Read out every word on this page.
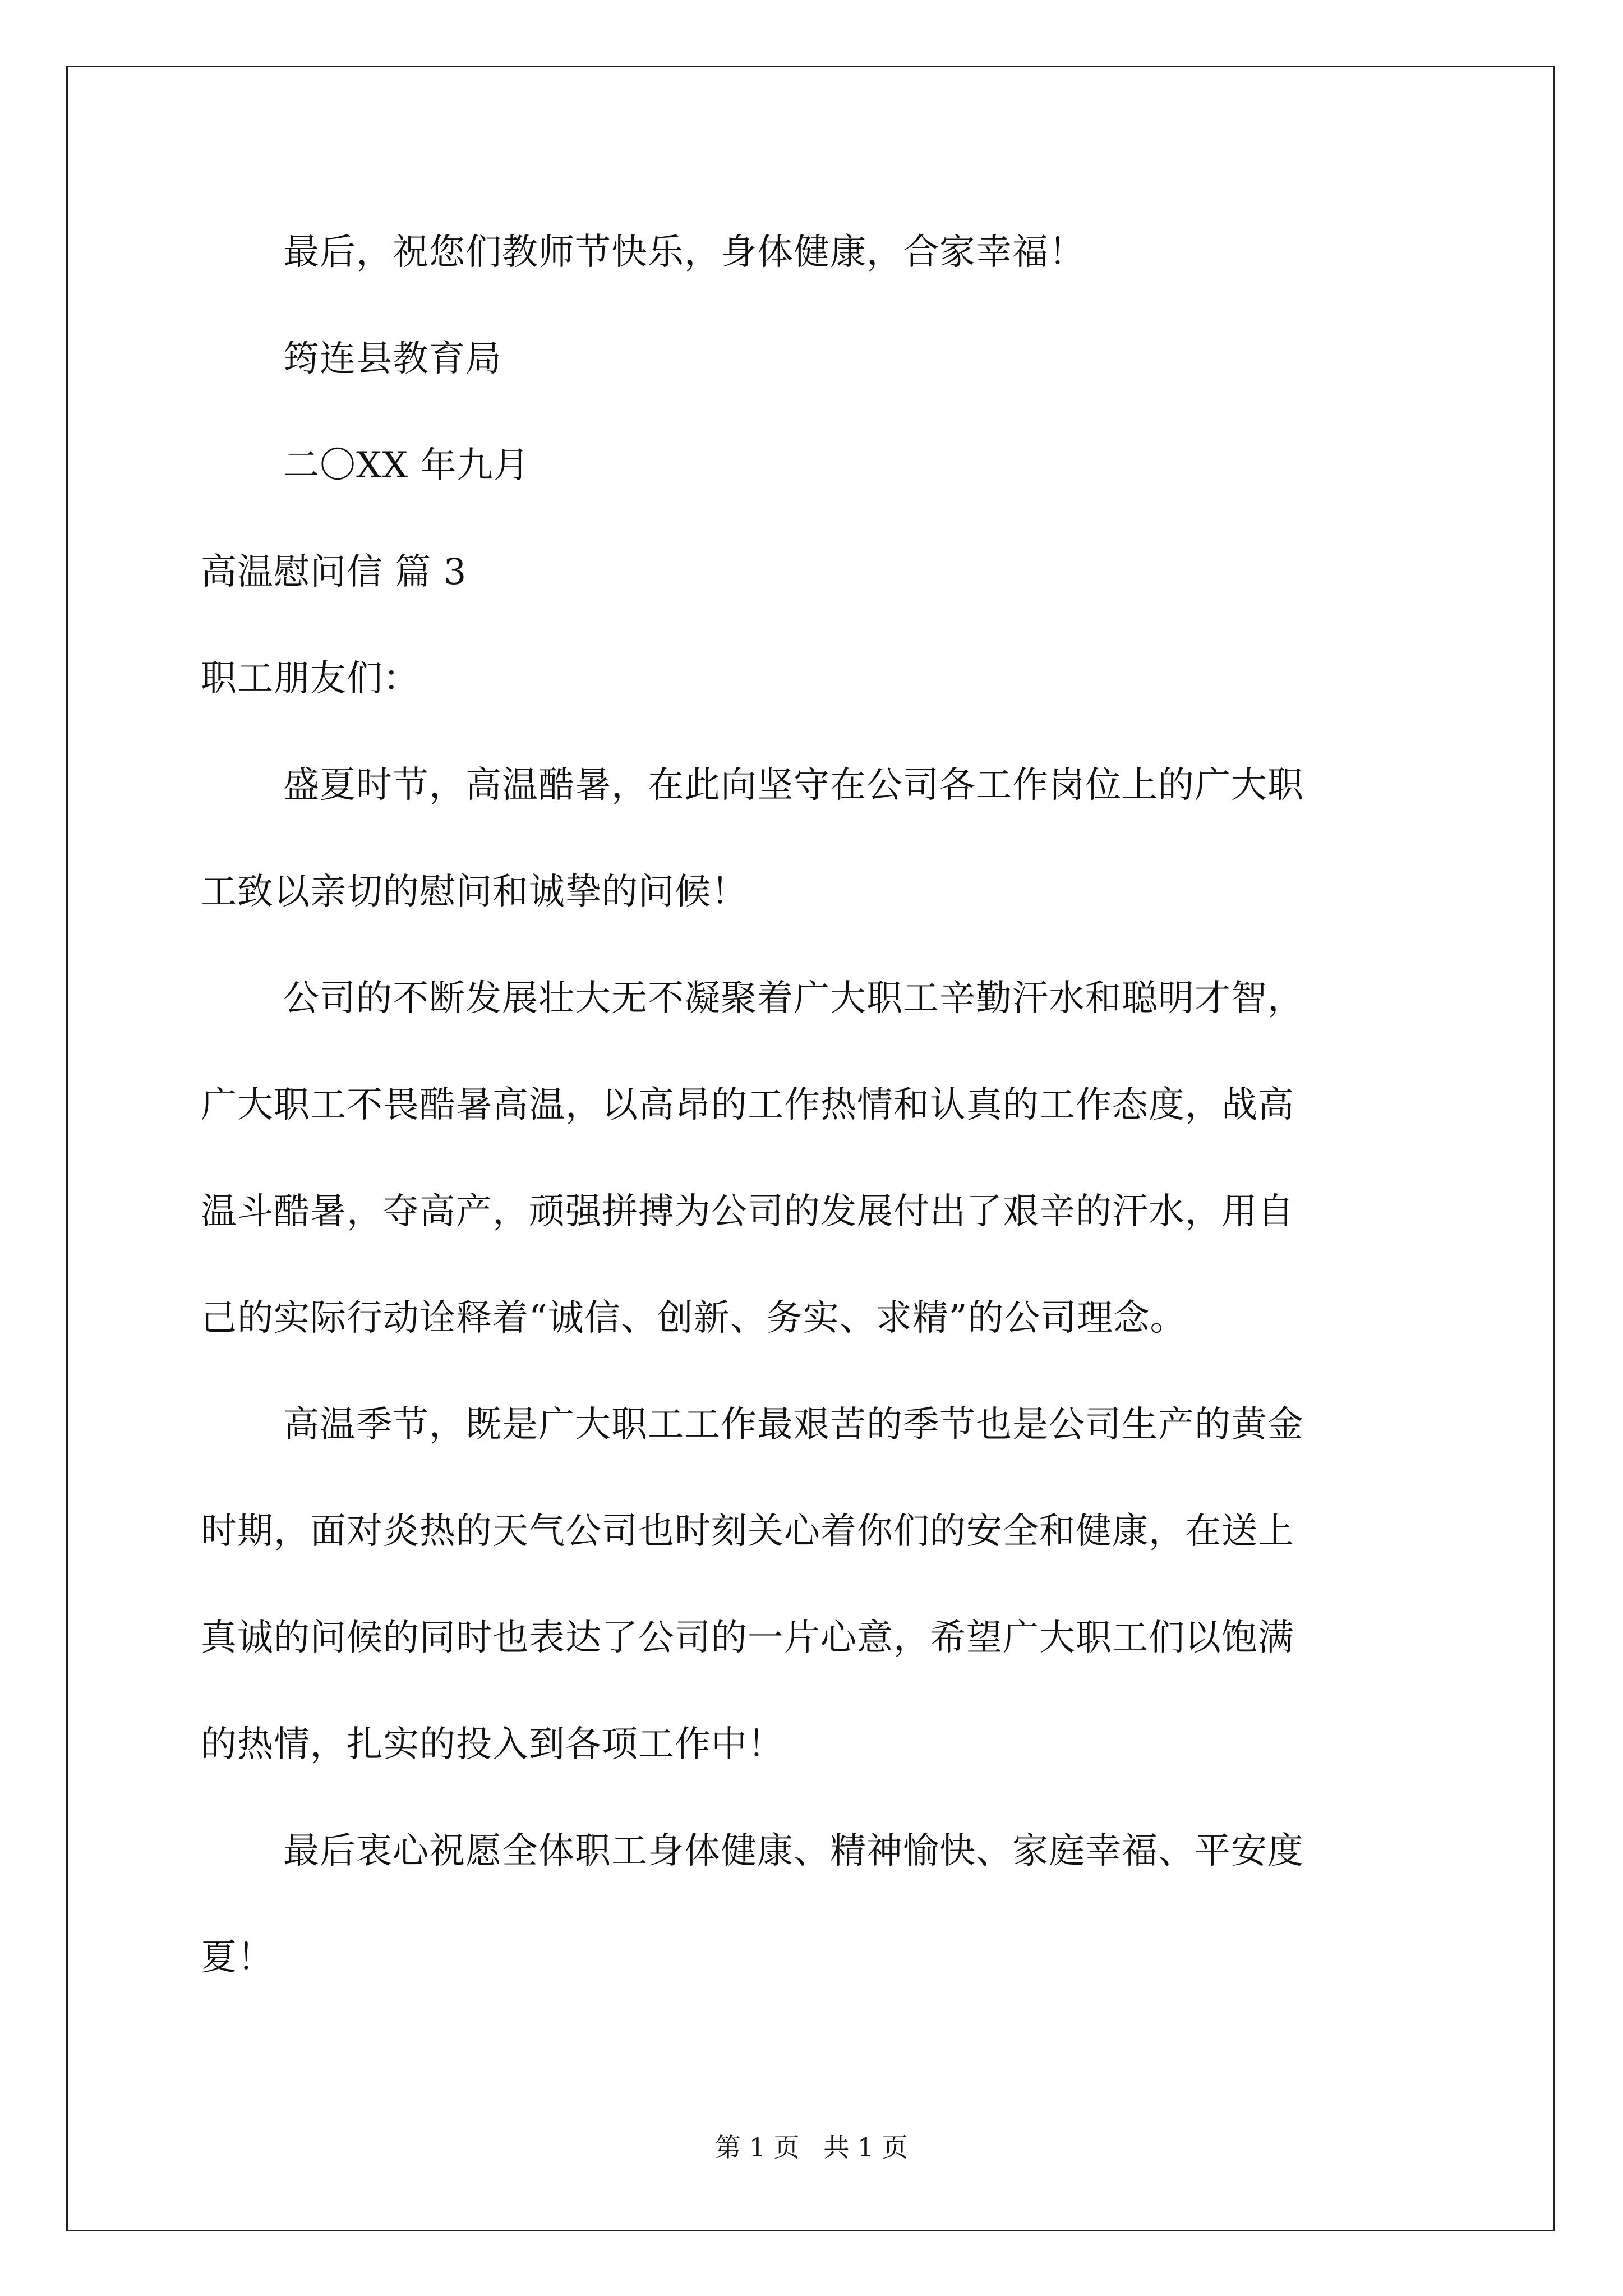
最后，祝您们教师节快乐，身体健康，合家幸福！
筠连县教育局
二〇XX 年九月
高温慰问信 篇 3
职工朋友们：
盛夏时节，高温酷暑，在此向坚守在公司各工作岗位上的广大职
工致以亲切的慰问和诚挚的问候！
公司的不断发展壮大无不凝聚着广大职工辛勤汗水和聪明才智，
广大职工不畏酷暑高温，以高昂的工作热情和认真的工作态度，战高
温斗酷暑，夺高产，顽强拼搏为公司的发展付出了艰辛的汗水，用自
己的实际行动诠释着“诚信、创新、务实、求精”的公司理念。
高温季节，既是广大职工工作最艰苦的季节也是公司生产的黄金
时期，面对炎热的天气公司也时刻关心着你们的安全和健康，在送上
真诚的问候的同时也表达了公司的一片心意，希望广大职工们以饱满
的热情，扎实的投入到各项工作中！
最后衷心祝愿全体职工身体健康、精神愉快、家庭幸福、平安度
夏！
第 1 页 共 1 页
